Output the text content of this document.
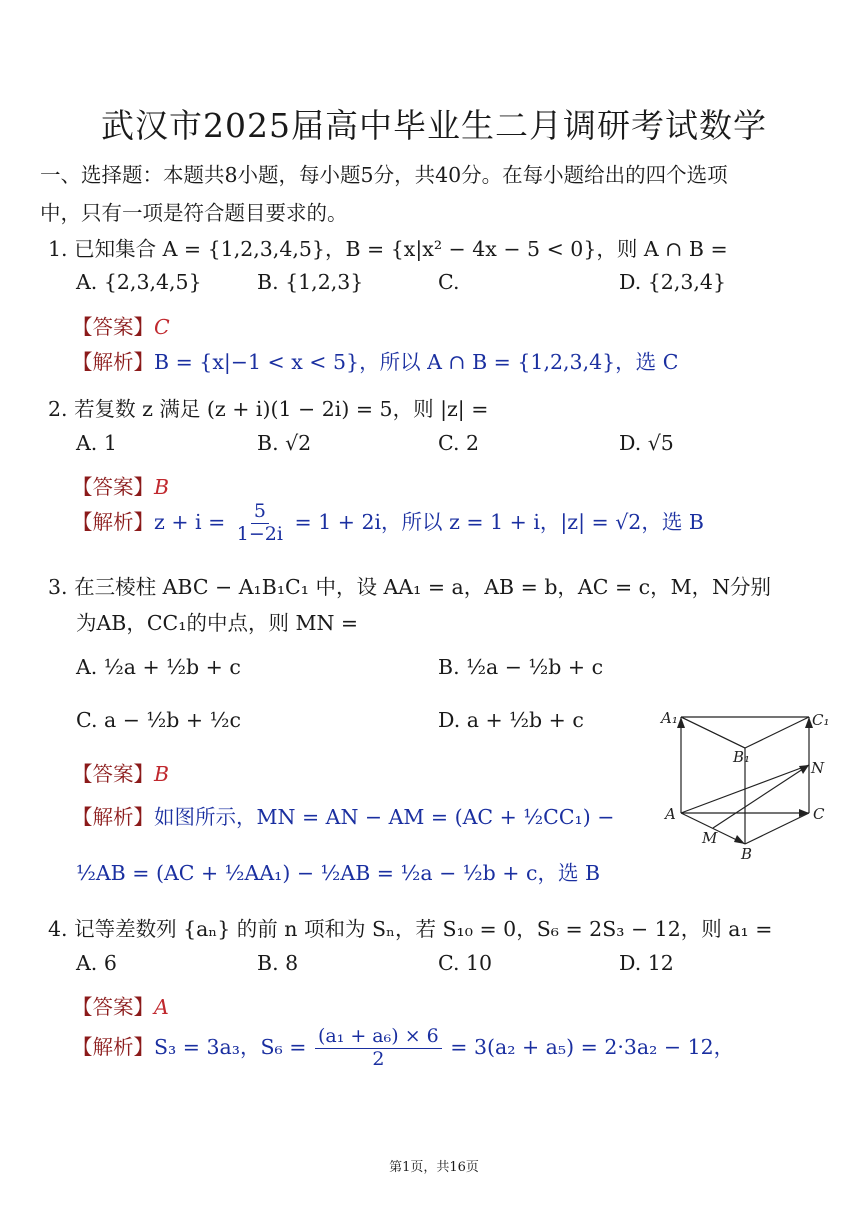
武汉市2025届高中毕业生二月调研考试数学
一、选择题：本题共8小题，每小题5分，共40分。在每小题给出的四个选项
中，只有一项是符合题目要求的。
1. 已知集合 A = {1,2,3,4,5}，B = {x|x² − 4x − 5 < 0}，则 A ∩ B =
A. {2,3,4,5}	B. {1,2,3}	C.	D. {2,3,4}
【答案】C
【解析】B = {x|−1 < x < 5}，所以 A ∩ B = {1,2,3,4}，选 C
2. 若复数 z 满足 (z + i)(1 − 2i) = 5，则 |z| =
A. 1	B. √2	C. 2	D. √5
【答案】B
【解析】$z + i = \frac{5}{1-2i} = 1 + 2i$，所以 z = 1 + i，|z| = √2，选 B
3. 在三棱柱 ABC − A₁B₁C₁ 中，设 AA₁ = a，AB = b，AC = c，M，N分别
为AB，CC₁的中点，则 MN =
A. ½a + ½b + c	B. ½a − ½b + c
C. a − ½b + ½c	D. a + ½b + c
【答案】B
【解析】如图所示，MN = AN − AM = (AC + ½CC₁) −
½AB = (AC + ½AA₁) − ½AB = ½a − ½b + c，选 B
A₁
B₁
C₁
N
A	C
M
B
4. 记等差数列 {aₙ} 的前 n 项和为 Sₙ，若 S₁₀ = 0，S₆ = 2S₃ − 12，则 a₁ =
A. 6	B. 8	C. 10	D. 12
【答案】A
【解析】S₃ = 3a₃，$S_6 = \frac{\text{(a₁ + a₆) × 6}}{2} = 3(a_2 + a_5) = 2\cdot 3a_2 - 12$，
第1页，共16页
